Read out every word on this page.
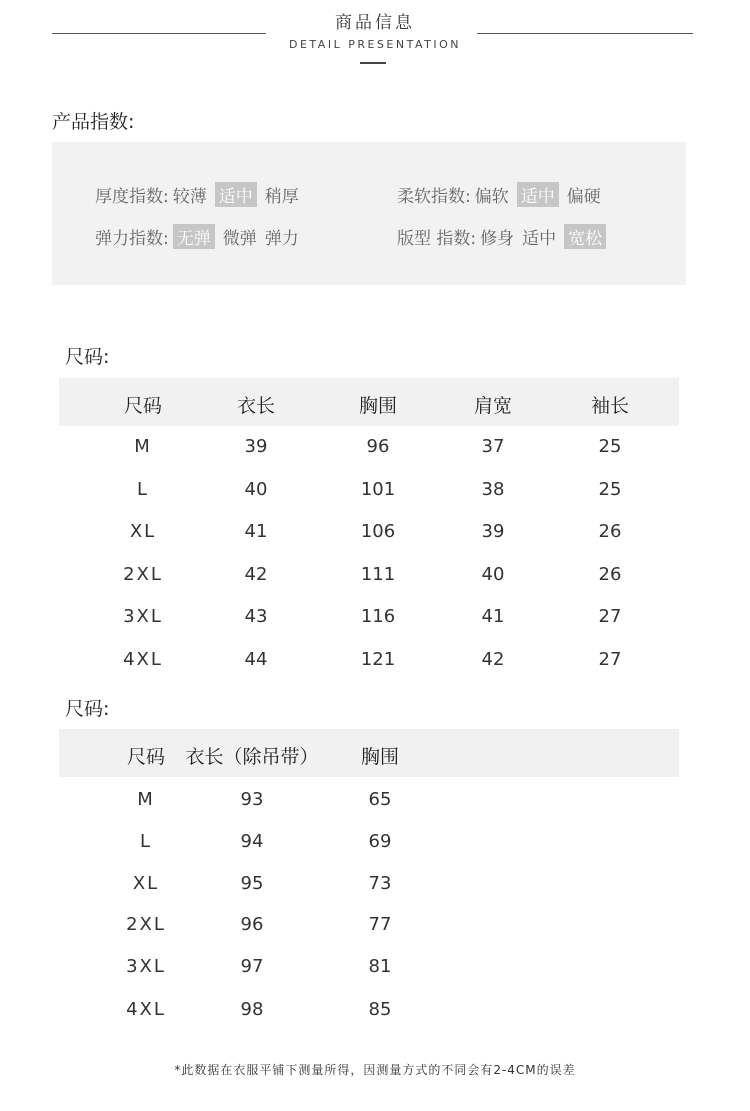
商品信息
DETAIL PRESENTATION
产品指数:
厚度指数: 较薄 适中 稍厚	柔软指数: 偏软 适中 偏硬
弹力指数: 无弹 微弹 弹力	版型 指数: 修身 适中 宽松
尺码:
尺码	衣长	胸围	肩宽	袖长
M	39	96	37	25
L	40	101	38	25
XL	41	106	39	26
2XL	42	111	40	26
3XL	43	116	41	27
4XL	44	121	42	27
尺码:
尺码	衣长（除吊带）	胸围
M	93	65
L	94	69
XL	95	73
2XL	96	77
3XL	97	81
4XL	98	85
*此数据在衣服平铺下测量所得，因测量方式的不同会有2-4CM的误差
